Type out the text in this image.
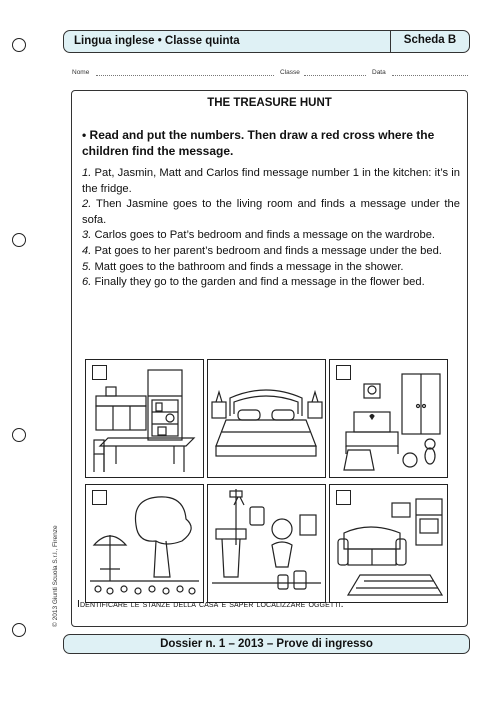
Lingua inglese • Classe quinta	Scheda B
Nome	Classe	Data
THE TREASURE HUNT
• Read and put the numbers. Then draw a red cross where the children find the message.

1. Pat, Jasmin, Matt and Carlos find message number 1 in the kitchen: it’s in the fridge.

2. Then Jasmine goes to the living room and finds a message under the sofa.

3. Carlos goes to Pat’s bedroom and finds a message on the wardrobe.

4. Pat goes to her parent’s bedroom and finds a message under the bed.

5. Matt goes to the bathroom and finds a message in the shower.

6. Finally they go to the garden and find a message in the flower bed.

Identificare le stanze della casa e saper localizzare oggetti.
Dossier n. 1 – 2013 – Prove di ingresso
© 2013 Giunti Scuola S.r.l., Firenze
